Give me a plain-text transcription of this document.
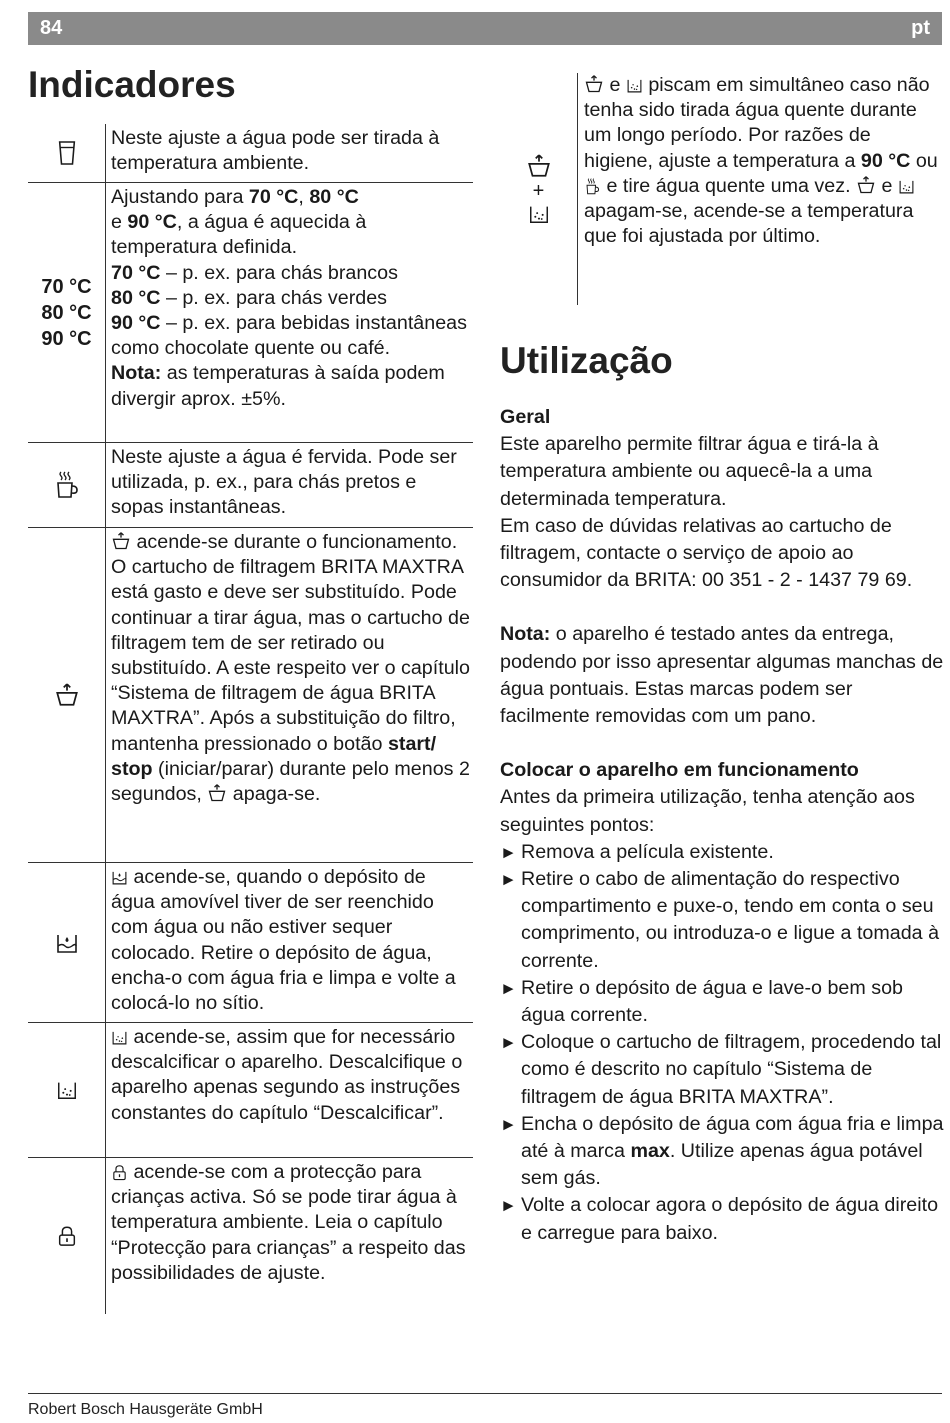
84	pt
Indicadores
Neste ajuste a água pode ser tirada à temperatura ambiente.
70 °C
80 °C
90 °C
Ajustando para 70 °C, 80 °C
e 90 °C, a água é aquecida à temperatura definida.
70 °C – p. ex. para chás brancos
80 °C – p. ex. para chás verdes
90 °C – p. ex. para bebidas instantâneas como chocolate quente ou café.
Nota: as temperaturas à saída podem divergir aprox. ±5%.
Neste ajuste a água é fervida. Pode ser utilizada, p. ex., para chás pretos e sopas instantâneas.
acende-se durante o funcionamento. O cartucho de filtragem BRITA MAXTRA está gasto e deve ser substituído. Pode continuar a tirar água, mas o cartucho de filtragem tem de ser retirado ou substituído. A este respeito ver o capítulo “Sistema de filtragem de água BRITA MAXTRA”. Após a substituição do filtro, mantenha pressionado o botão start/ stop (iniciar/parar) durante pelo menos 2 segundos,  apaga-se.
acende-se, quando o depósito de água amovível tiver de ser reenchido com água ou não estiver sequer colocado. Retire o depósito de água, encha-o com água fria e limpa e volte a colocá-lo no sítio.
acende-se, assim que for necessário descalcificar o aparelho. Descalcifique o aparelho apenas segundo as instruções constantes do capítulo “Descalcificar”.
acende-se com a protecção para crianças activa. Só se pode tirar água à temperatura ambiente. Leia o capítulo “Protecção para crianças” a respeito das possibilidades de ajuste.
+
e  piscam em simultâneo caso não tenha sido tirada água quente durante um longo período. Por razões de higiene, ajuste a temperatura a 90 °C ou  e tire água quente uma vez.  e  apagam-se, acende-se a temperatura que foi ajustada por último.
Utilização

Geral

Este aparelho permite filtrar água e tirá-la à temperatura ambiente ou aquecê-la a uma determinada temperatura.

Em caso de dúvidas relativas ao cartucho de filtragem, contacte o serviço de apoio ao consumidor da BRITA: 00 351 - 2 - 1437 79 69.

Nota: o aparelho é testado antes da entrega, podendo por isso apresentar algumas manchas de água pontuais. Estas marcas podem ser facilmente removidas com um pano.

Colocar o aparelho em funcionamento

Antes da primeira utilização, tenha atenção aos seguintes pontos:

► Remova a película existente.
► Retire o cabo de alimentação do respectivo compartimento e puxe-o, tendo em conta o seu comprimento, ou introduza-o e ligue a tomada à corrente.
► Retire o depósito de água e lave-o bem sob água corrente.
► Coloque o cartucho de filtragem, procedendo tal como é descrito no capítulo “Sistema de filtragem de água BRITA MAXTRA”.
► Encha o depósito de água com água fria e limpa até à marca max. Utilize apenas água potável sem gás.
► Volte a colocar agora o depósito de água direito e carregue para baixo.
Robert Bosch Hausgeräte GmbH
